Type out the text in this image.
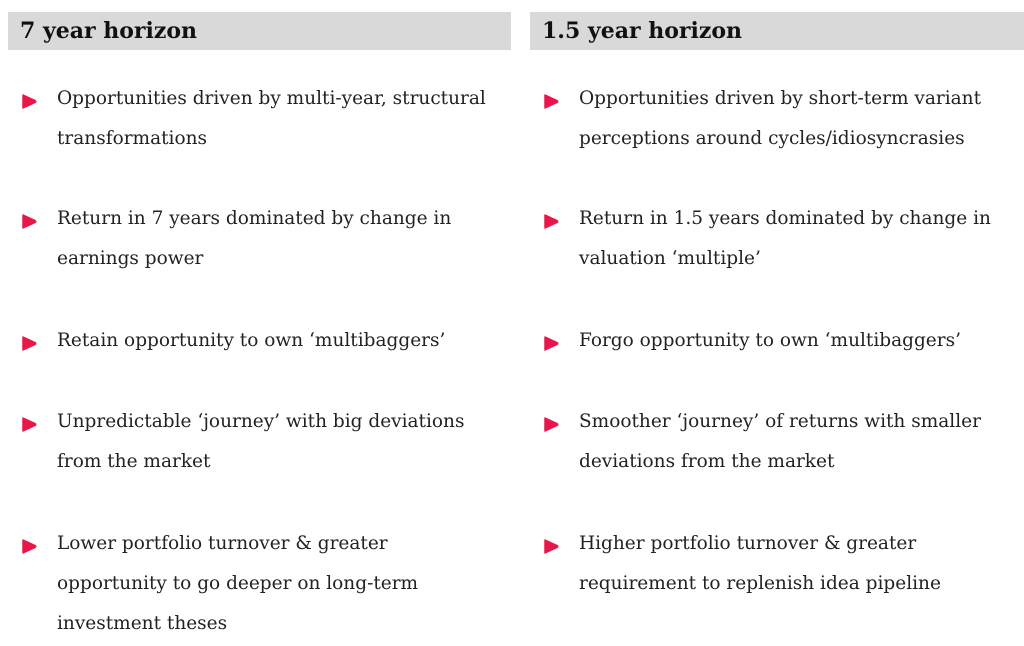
7 year horizon
Opportunities driven by multi-year, structural transformations
Return in 7 years dominated by change in earnings power
Retain opportunity to own ‘multibaggers’
Unpredictable ‘journey’ with big deviations from the market
Lower portfolio turnover & greater opportunity to go deeper on long-term investment theses
1.5 year horizon
Opportunities driven by short-term variant perceptions around cycles/idiosyncrasies
Return in 1.5 years dominated by change in valuation ‘multiple’
Forgo opportunity to own ‘multibaggers’
Smoother ‘journey’ of returns with smaller deviations from the market
Higher portfolio turnover & greater requirement to replenish idea pipeline
